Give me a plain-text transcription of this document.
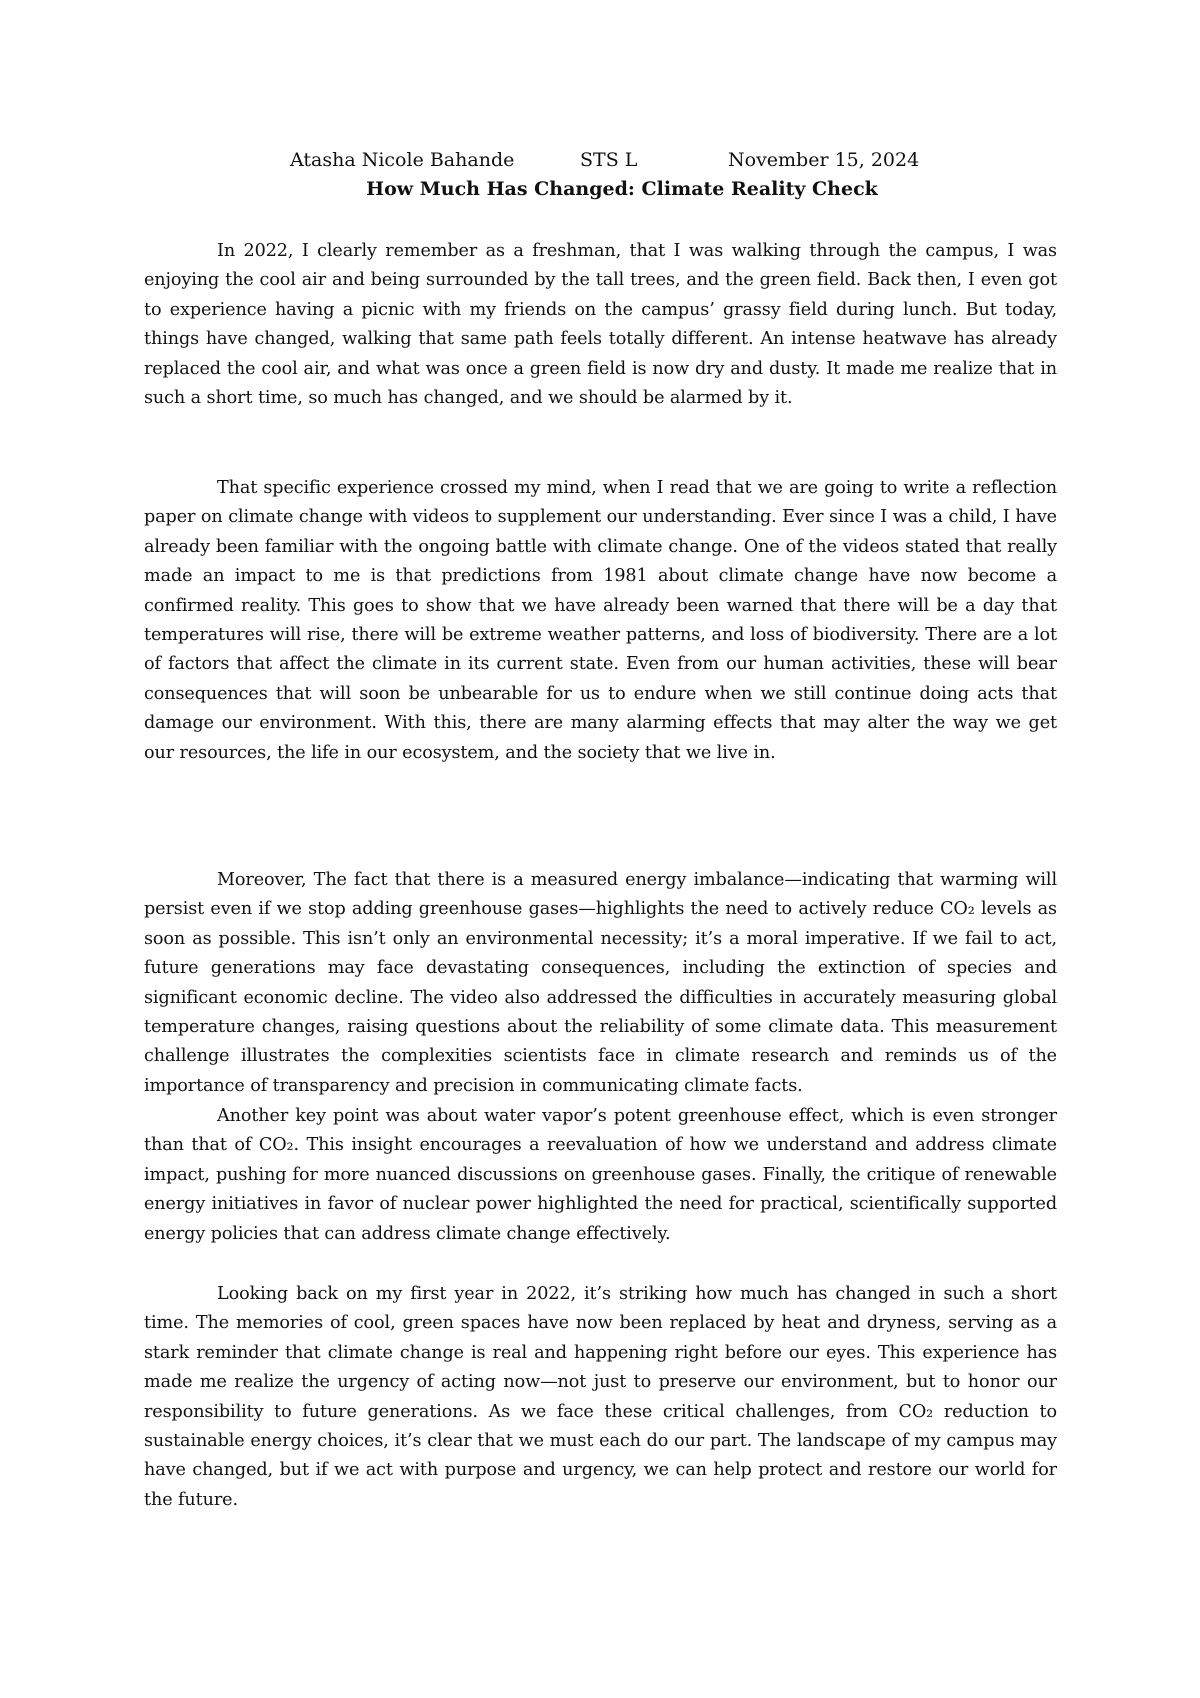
Atasha Nicole Bahande	STS L	November 15, 2024
How Much Has Changed: Climate Reality Check

In 2022, I clearly remember as a freshman, that I was walking through the campus, I was enjoying the cool air and being surrounded by the tall trees, and the green field. Back then, I even got to experience having a picnic with my friends on the campus’ grassy field during lunch. But today, things have changed, walking that same path feels totally different. An intense heatwave has already replaced the cool air, and what was once a green field is now dry and dusty. It made me realize that in such a short time, so much has changed, and we should be alarmed by it.

That specific experience crossed my mind, when I read that we are going to write a reflection paper on climate change with videos to supplement our understanding. Ever since I was a child, I have already been familiar with the ongoing battle with climate change. One of the videos stated that really made an impact to me is that predictions from 1981 about climate change have now become a confirmed reality. This goes to show that we have already been warned that there will be a day that temperatures will rise, there will be extreme weather patterns, and loss of biodiversity. There are a lot of factors that affect the climate in its current state. Even from our human activities, these will bear consequences that will soon be unbearable for us to endure when we still continue doing acts that damage our environment. With this, there are many alarming effects that may alter the way we get our resources, the life in our ecosystem, and the society that we live in.

Moreover, The fact that there is a measured energy imbalance—indicating that warming will persist even if we stop adding greenhouse gases—highlights the need to actively reduce CO₂ levels as soon as possible. This isn’t only an environmental necessity; it’s a moral imperative. If we fail to act, future generations may face devastating consequences, including the extinction of species and significant economic decline. The video also addressed the difficulties in accurately measuring global temperature changes, raising questions about the reliability of some climate data. This measurement challenge illustrates the complexities scientists face in climate research and reminds us of the importance of transparency and precision in communicating climate facts.

Another key point was about water vapor’s potent greenhouse effect, which is even stronger than that of CO₂. This insight encourages a reevaluation of how we understand and address climate impact, pushing for more nuanced discussions on greenhouse gases. Finally, the critique of renewable energy initiatives in favor of nuclear power highlighted the need for practical, scientifically supported energy policies that can address climate change effectively.

Looking back on my first year in 2022, it’s striking how much has changed in such a short time. The memories of cool, green spaces have now been replaced by heat and dryness, serving as a stark reminder that climate change is real and happening right before our eyes. This experience has made me realize the urgency of acting now—not just to preserve our environment, but to honor our responsibility to future generations. As we face these critical challenges, from CO₂ reduction to sustainable energy choices, it’s clear that we must each do our part. The landscape of my campus may have changed, but if we act with purpose and urgency, we can help protect and restore our world for the future.
